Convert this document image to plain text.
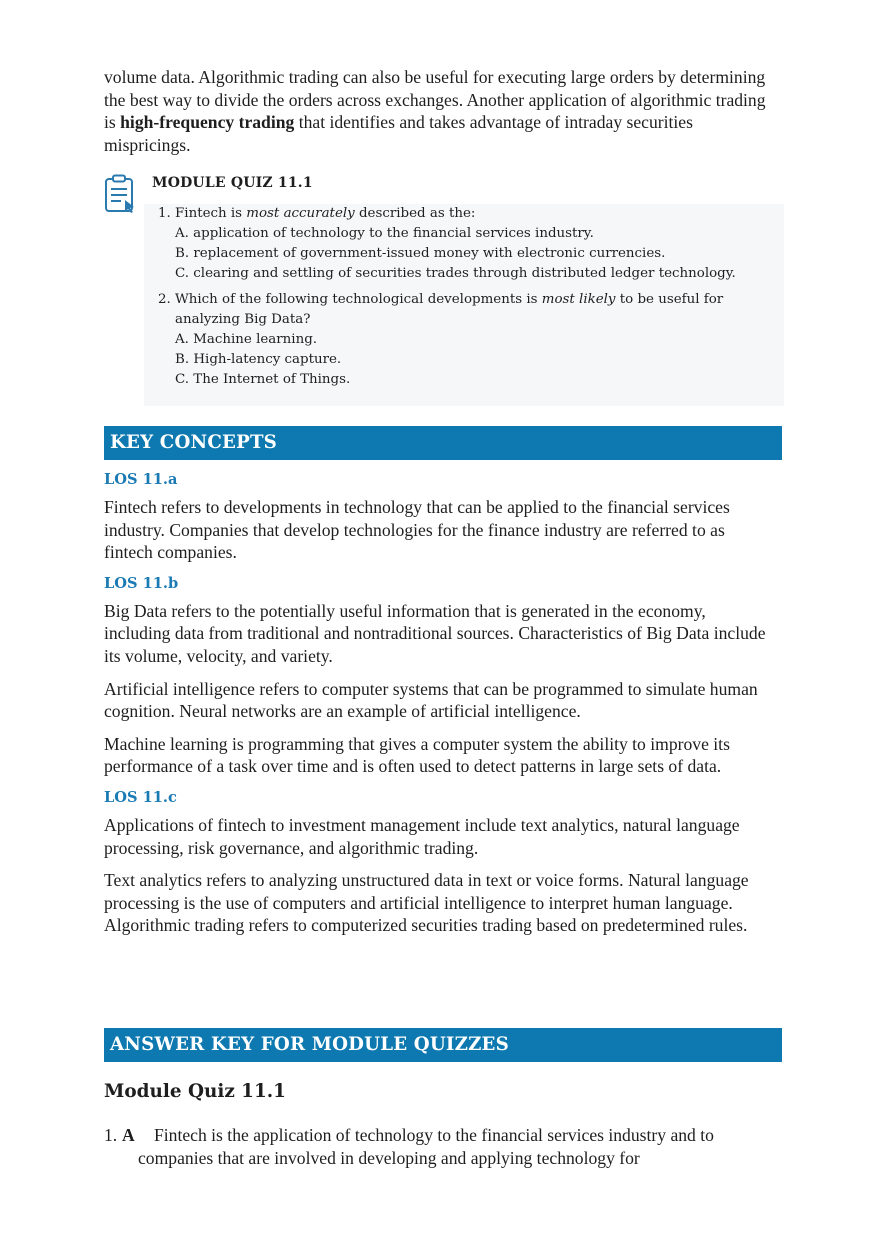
volume data. Algorithmic trading can also be useful for executing large orders by determining the best way to divide the orders across exchanges. Another application of algorithmic trading is high-frequency trading that identifies and takes advantage of intraday securities mispricings.

MODULE QUIZ 11.1
1. Fintech is most accurately described as the:
A. application of technology to the financial services industry.
B. replacement of government-issued money with electronic currencies.
C. clearing and settling of securities trades through distributed ledger technology.
2. Which of the following technological developments is most likely to be useful for analyzing Big Data?
A. Machine learning.
B. High-latency capture.
C. The Internet of Things.
KEY CONCEPTS
LOS 11.a

Fintech refers to developments in technology that can be applied to the financial services industry. Companies that develop technologies for the finance industry are referred to as fintech companies.

LOS 11.b

Big Data refers to the potentially useful information that is generated in the economy, including data from traditional and nontraditional sources. Characteristics of Big Data include its volume, velocity, and variety.

Artificial intelligence refers to computer systems that can be programmed to simulate human cognition. Neural networks are an example of artificial intelligence.

Machine learning is programming that gives a computer system the ability to improve its performance of a task over time and is often used to detect patterns in large sets of data.

LOS 11.c

Applications of fintech to investment management include text analytics, natural language processing, risk governance, and algorithmic trading.

Text analytics refers to analyzing unstructured data in text or voice forms. Natural language processing is the use of computers and artificial intelligence to interpret human language. Algorithmic trading refers to computerized securities trading based on predetermined rules.

ANSWER KEY FOR MODULE QUIZZES
Module Quiz 11.1
1. A	Fintech is the application of technology to the financial services industry and to companies that are involved in developing and applying technology for
